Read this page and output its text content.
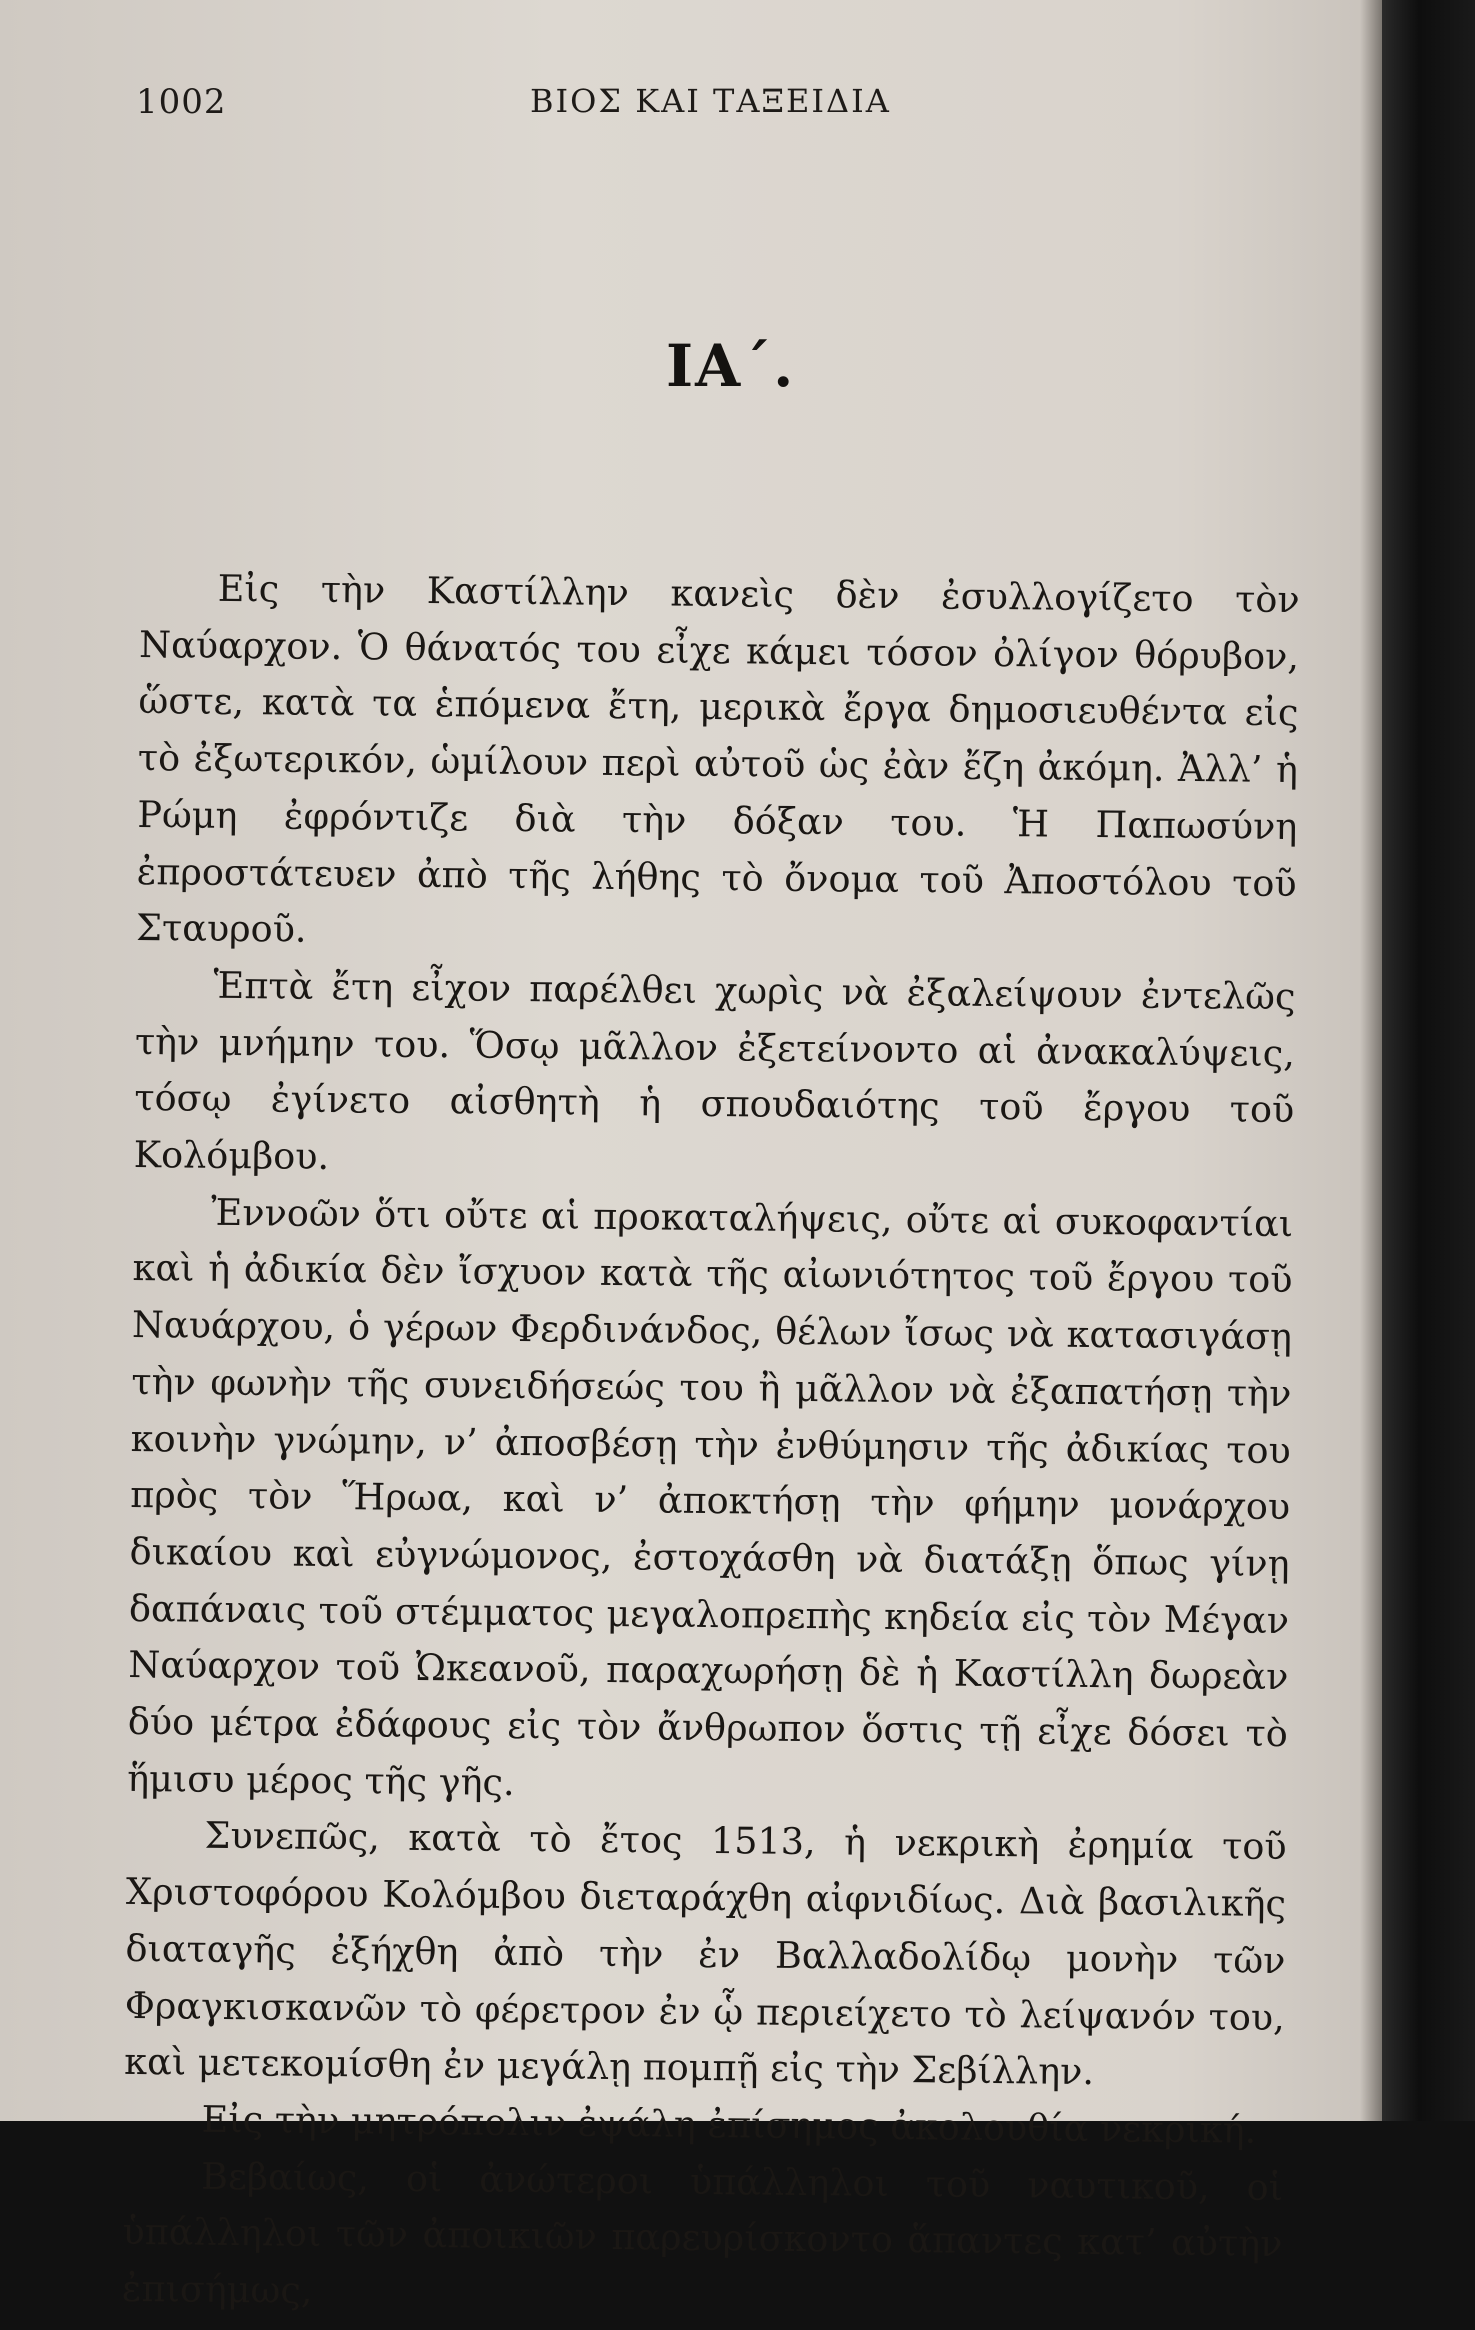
1002	ΒΙΟΣ ΚΑΙ ΤΑΞΕΙΔΙΑ
ΙΑ΄.

Εἰς τὴν Καστίλλην κανεὶς δὲν ἐσυλλογίζετο τὸν Ναύαρχον. Ὁ θάνατός του εἶχε κάμει τόσον ὀλίγον θόρυβον, ὥστε, κατὰ τα ἑπόμενα ἔτη, μερικὰ ἔργα δημοσιευθέντα εἰς τὸ ἐξωτερικόν, ὡμίλουν περὶ αὐτοῦ ὡς ἐὰν ἔζη ἀκόμη. Ἀλλ’ ἡ Ρώμη ἐφρόντιζε διὰ τὴν δόξαν του. Ἡ Παπωσύνη ἐπροστάτευεν ἀπὸ τῆς λήθης τὸ ὄνομα τοῦ Ἀποστόλου τοῦ Σταυροῦ.

Ἑπτὰ ἔτη εἶχον παρέλθει χωρὶς νὰ ἐξαλείψουν ἐντελῶς τὴν μνήμην του. Ὅσῳ μᾶλλον ἐξετείνοντο αἱ ἀνακαλύψεις, τόσῳ ἐγίνετο αἰσθητὴ ἡ σπουδαιότης τοῦ ἔργου τοῦ Κολόμβου.

Ἐννοῶν ὅτι οὔτε αἱ προκαταλήψεις, οὔτε αἱ συκοφαντίαι καὶ ἡ ἀδικία δὲν ἴσχυον κατὰ τῆς αἰωνιότητος τοῦ ἔργου τοῦ Ναυάρχου, ὁ γέρων Φερδινάνδος, θέλων ἴσως νὰ κατασιγάσῃ τὴν φωνὴν τῆς συνειδήσεώς του ἢ μᾶλλον νὰ ἐξαπατήσῃ τὴν κοινὴν γνώμην, ν’ ἀποσβέσῃ τὴν ἐνθύμησιν τῆς ἀδικίας του πρὸς τὸν Ἥρωα, καὶ ν’ ἀποκτήσῃ τὴν φήμην μονάρχου δικαίου καὶ εὐγνώμονος, ἐστοχάσθη νὰ διατάξῃ ὅπως γίνῃ δαπάναις τοῦ στέμματος μεγαλοπρεπὴς κηδεία εἰς τὸν Μέγαν Ναύαρχον τοῦ Ὠκεανοῦ, παραχωρήσῃ δὲ ἡ Καστίλλη δωρεὰν δύο μέτρα ἐδάφους εἰς τὸν ἄνθρωπον ὅστις τῇ εἶχε δόσει τὸ ἥμισυ μέρος τῆς γῆς.

Συνεπῶς, κατὰ τὸ ἔτος 1513, ἡ νεκρικὴ ἐρημία τοῦ Χριστοφόρου Κολόμβου διεταράχθη αἰφνιδίως. Διὰ βασιλικῆς διαταγῆς ἐξήχθη ἀπὸ τὴν ἐν Βαλλαδολίδῳ μονὴν τῶν Φραγκισκανῶν τὸ φέρετρον ἐν ᾧ περιείχετο τὸ λείψανόν του, καὶ μετεκομίσθη ἐν μεγάλῃ πομπῇ εἰς τὴν Σεβίλλην.

Εἰς τὴν μητρόπολιν ἐψάλη ἐπίσημος ἀκολουθία νεκρική.

Βεβαίως, οἱ ἀνώτεροι ὑπάλληλοι τοῦ ναυτικοῦ, οἱ ὑπάλληλοι τῶν ἀποικιῶν παρευρίσκοντο ἅπαντες κατ’ αὐτὴν ἐπισήμως,
